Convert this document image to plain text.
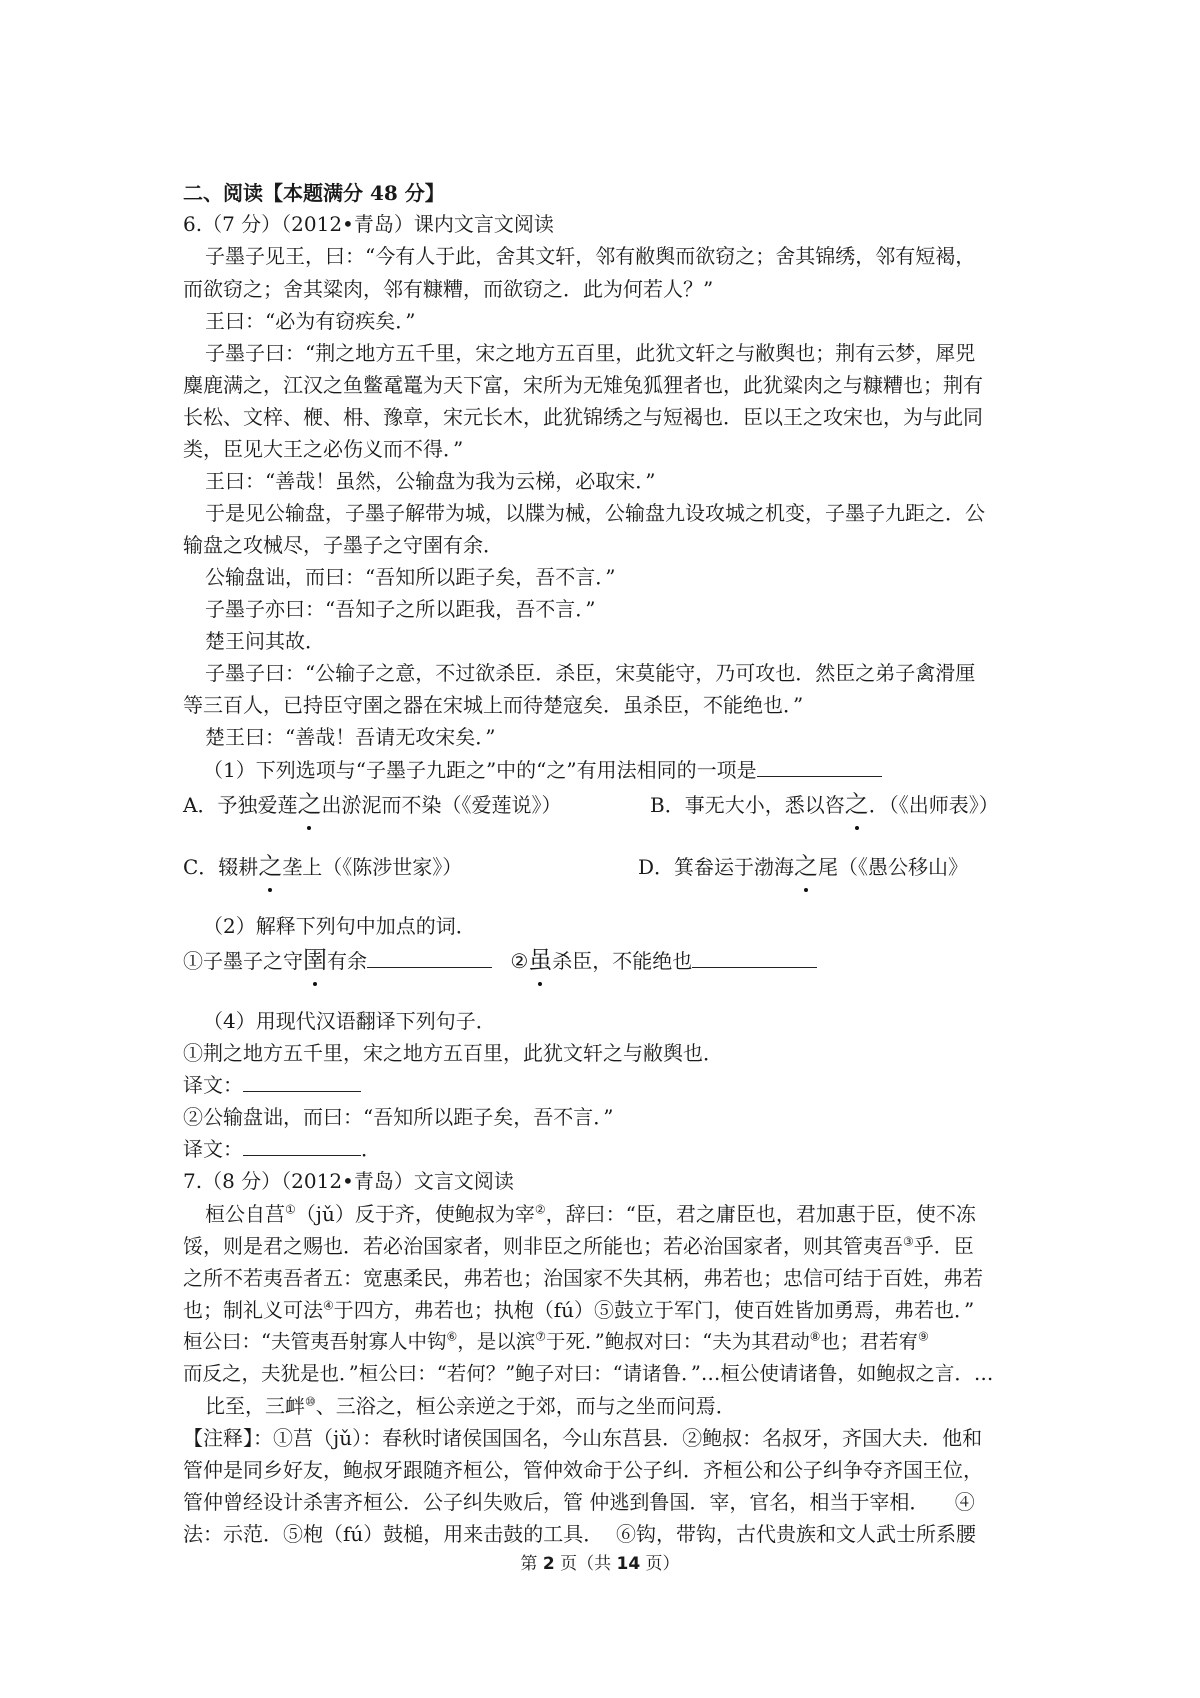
二、阅读【本题满分 48 分】
6.（7 分）（2012•青岛）课内文言文阅读
子墨子见王，曰：“今有人于此，舍其文轩，邻有敝舆而欲窃之；舍其锦绣，邻有短褐，
而欲窃之；舍其粱肉，邻有糠糟，而欲窃之．此为何若人？”
王曰：“必为有窃疾矣．”
子墨子曰：“荆之地方五千里，宋之地方五百里，此犹文轩之与敝舆也；荆有云梦，犀兕
麋鹿满之，江汉之鱼鳖鼋鼍为天下富，宋所为无雉兔狐狸者也，此犹粱肉之与糠糟也；荆有
长松、文梓、楩、枏、豫章，宋元长木，此犹锦绣之与短褐也．臣以王之攻宋也，为与此同
类，臣见大王之必伤义而不得．”
王曰：“善哉！虽然，公输盘为我为云梯，必取宋．”
于是见公输盘，子墨子解带为城，以牒为械，公输盘九设攻城之机变，子墨子九距之．公
输盘之攻械尽，子墨子之守圉有余．
公输盘诎，而曰：“吾知所以距子矣，吾不言．”
子墨子亦曰：“吾知子之所以距我，吾不言．”
楚王问其故．
子墨子曰：“公输子之意，不过欲杀臣．杀臣，宋莫能守，乃可攻也．然臣之弟子禽滑厘
等三百人，已持臣守圉之器在宋城上而待楚寇矣．虽杀臣，不能绝也．”
楚王曰：“善哉！吾请无攻宋矣．”
（1）下列选项与“子墨子九距之”中的“之”有用法相同的一项是
A．予独爱莲之出淤泥而不染（《爱莲说》）	B．事无大小，悉以咨之．（《出师表》）
C．辍耕之垄上（《陈涉世家》）	D．箕畚运于渤海之尾（《愚公移山》
（2）解释下列句中加点的词．
①子墨子之守圉有余	②虽杀臣，不能绝也
（4）用现代汉语翻译下列句子．
①荆之地方五千里，宋之地方五百里，此犹文轩之与敝舆也．
译文：
②公输盘诎，而曰：“吾知所以距子矣，吾不言．”
译文：	．
7.（8 分）（2012•青岛）文言文阅读
桓公自莒①（jǔ）反于齐，使鲍叔为宰②，辞曰：“臣，君之庸臣也，君加惠于臣，使不冻
馁，则是君之赐也．若必治国家者，则非臣之所能也；若必治国家者，则其管夷吾③乎．臣
之所不若夷吾者五：宽惠柔民，弗若也；治国家不失其柄，弗若也；忠信可结于百姓，弗若
也；制礼义可法④于四方，弗若也；执枹（fú）⑤鼓立于军门，使百姓皆加勇焉，弗若也．”
桓公曰：“夫管夷吾射寡人中钩⑥，是以滨⑦于死．”鲍叔对曰：“夫为其君动⑧也；君若宥⑨
而反之，夫犹是也．”桓公曰：“若何？”鲍子对曰：“请诸鲁．”…桓公使请诸鲁，如鲍叔之言．…
比至，三衅⑩、三浴之，桓公亲逆之于郊，而与之坐而问焉．
【注释】：①莒（jǔ）：春秋时诸侯国国名，今山东莒县．②鲍叔：名叔牙，齐国大夫．他和
管仲是同乡好友，鲍叔牙跟随齐桓公，管仲效命于公子纠．齐桓公和公子纠争夺齐国王位，
管仲曾经设计杀害齐桓公．公子纠失败后，管 仲逃到鲁国．宰，官名，相当于宰相．    ④
法：示范．⑤枹（fú）鼓槌，用来击鼓的工具．  ⑥钩，带钩，古代贵族和文人武士所系腰
第 2 页（共 14 页）
